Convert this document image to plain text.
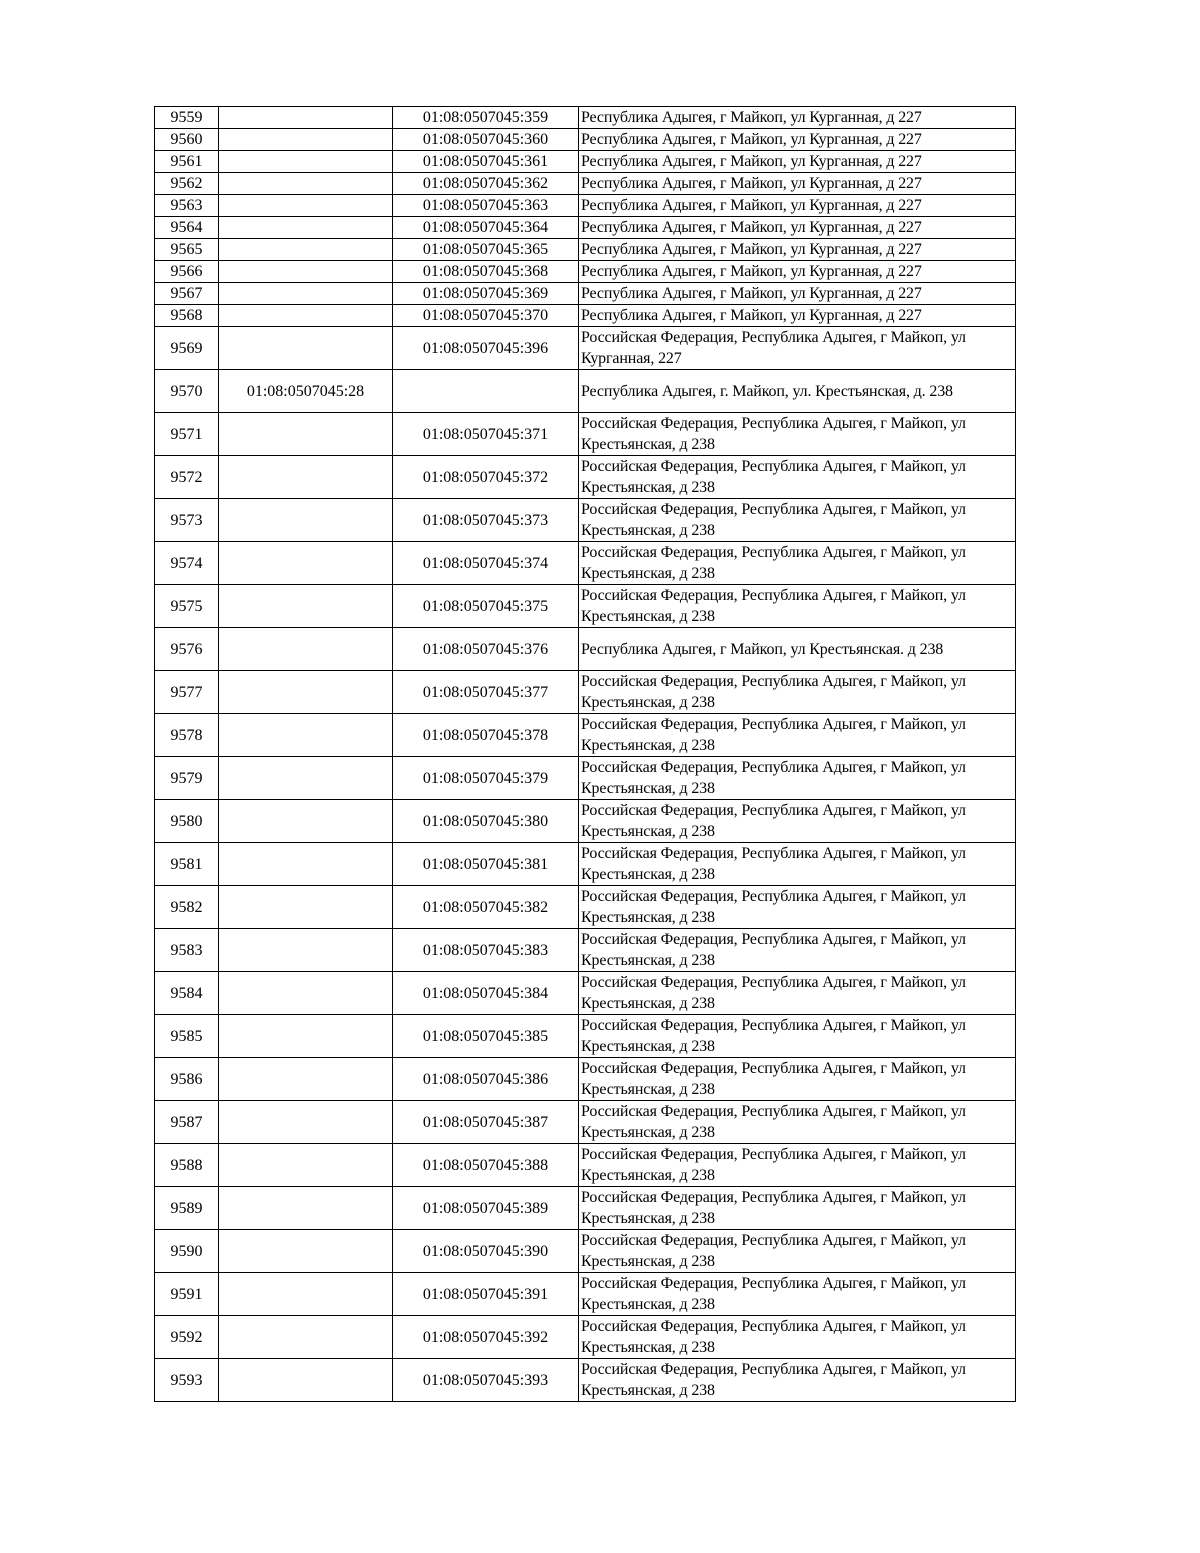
9559		01:08:0507045:359	Республика Адыгея, г Майкоп, ул Курганная, д 227
9560		01:08:0507045:360	Республика Адыгея, г Майкоп, ул Курганная, д 227
9561		01:08:0507045:361	Республика Адыгея, г Майкоп, ул Курганная, д 227
9562		01:08:0507045:362	Республика Адыгея, г Майкоп, ул Курганная, д 227
9563		01:08:0507045:363	Республика Адыгея, г Майкоп, ул Курганная, д 227
9564		01:08:0507045:364	Республика Адыгея, г Майкоп, ул Курганная, д 227
9565		01:08:0507045:365	Республика Адыгея, г Майкоп, ул Курганная, д 227
9566		01:08:0507045:368	Республика Адыгея, г Майкоп, ул Курганная, д 227
9567		01:08:0507045:369	Республика Адыгея, г Майкоп, ул Курганная, д 227
9568		01:08:0507045:370	Республика Адыгея, г Майкоп, ул Курганная, д 227
9569		01:08:0507045:396	Российская Федерация, Республика Адыгея, г Майкоп, ул Курганная, 227
9570	01:08:0507045:28		Республика Адыгея, г. Майкоп, ул. Крестьянская, д. 238
9571		01:08:0507045:371	Российская Федерация, Республика Адыгея, г Майкоп, ул Крестьянская, д 238
9572		01:08:0507045:372	Российская Федерация, Республика Адыгея, г Майкоп, ул Крестьянская, д 238
9573		01:08:0507045:373	Российская Федерация, Республика Адыгея, г Майкоп, ул Крестьянская, д 238
9574		01:08:0507045:374	Российская Федерация, Республика Адыгея, г Майкоп, ул Крестьянская, д 238
9575		01:08:0507045:375	Российская Федерация, Республика Адыгея, г Майкоп, ул Крестьянская, д 238
9576		01:08:0507045:376	Республика Адыгея, г Майкоп, ул Крестьянская. д 238
9577		01:08:0507045:377	Российская Федерация, Республика Адыгея, г Майкоп, ул Крестьянская, д 238
9578		01:08:0507045:378	Российская Федерация, Республика Адыгея, г Майкоп, ул Крестьянская, д 238
9579		01:08:0507045:379	Российская Федерация, Республика Адыгея, г Майкоп, ул Крестьянская, д 238
9580		01:08:0507045:380	Российская Федерация, Республика Адыгея, г Майкоп, ул Крестьянская, д 238
9581		01:08:0507045:381	Российская Федерация, Республика Адыгея, г Майкоп, ул Крестьянская, д 238
9582		01:08:0507045:382	Российская Федерация, Республика Адыгея, г Майкоп, ул Крестьянская, д 238
9583		01:08:0507045:383	Российская Федерация, Республика Адыгея, г Майкоп, ул Крестьянская, д 238
9584		01:08:0507045:384	Российская Федерация, Республика Адыгея, г Майкоп, ул Крестьянская, д 238
9585		01:08:0507045:385	Российская Федерация, Республика Адыгея, г Майкоп, ул Крестьянская, д 238
9586		01:08:0507045:386	Российская Федерация, Республика Адыгея, г Майкоп, ул Крестьянская, д 238
9587		01:08:0507045:387	Российская Федерация, Республика Адыгея, г Майкоп, ул Крестьянская, д 238
9588		01:08:0507045:388	Российская Федерация, Республика Адыгея, г Майкоп, ул Крестьянская, д 238
9589		01:08:0507045:389	Российская Федерация, Республика Адыгея, г Майкоп, ул Крестьянская, д 238
9590		01:08:0507045:390	Российская Федерация, Республика Адыгея, г Майкоп, ул Крестьянская, д 238
9591		01:08:0507045:391	Российская Федерация, Республика Адыгея, г Майкоп, ул Крестьянская, д 238
9592		01:08:0507045:392	Российская Федерация, Республика Адыгея, г Майкоп, ул Крестьянская, д 238
9593		01:08:0507045:393	Российская Федерация, Республика Адыгея, г Майкоп, ул Крестьянская, д 238
